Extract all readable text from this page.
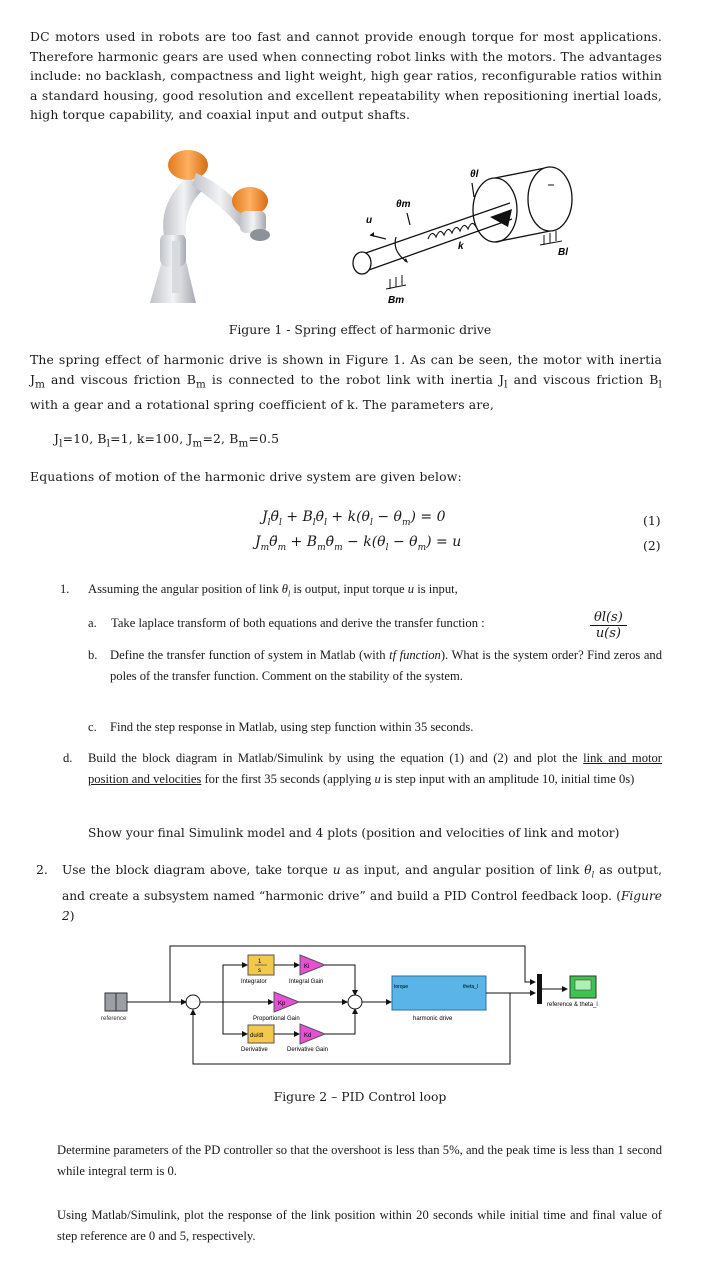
DC motors used in robots are too fast and cannot provide enough torque for most applications. Therefore harmonic gears are used when connecting robot links with the motors. The advantages include: no backlash, compactness and light weight, high gear ratios, reconfigurable ratios within a standard housing, good resolution and excellent repeatability when repositioning inertial loads, high torque capability, and coaxial input and output shafts.
θl
θm
u
k
Bl
Bm
Figure 1 - Spring effect of harmonic drive
The spring effect of harmonic drive is shown in Figure 1. As can be seen, the motor with inertia $J_m$ and viscous friction $B_m$ is connected to the robot link with inertia $J_l$ and viscous friction $B_l$ with a gear and a rotational spring coefficient of k. The parameters are,
$J_l=10$, $B_l=1$, k=100, $J_m=2$, $B_m=0.5$
Equations of motion of the harmonic drive system are given below:
$J_l\thetä_l$ + $B_l\thetȧ_l + k(\theta_l - \theta_m) = 0$	(1)
$J_m\thetä_m$ + $B_m\thetȧ_m - k(\theta_l - \theta_m) = u$	(2)
1. Assuming the angular position of link $\theta_l$ is output, input torque u is input,
a. Take laplace transform of both equations and derive the transfer function :	$\frac{\theta l(s)}{u(s)}$
b. Define the transfer function of system in Matlab (with tf function). What is the system order? Find zeros and poles of the transfer function. Comment on the stability of the system.
c. Find the step response in Matlab, using step function within 35 seconds.
d. Build the block diagram in Matlab/Simulink by using the equation (1) and (2) and plot the link and motor position and velocities for the first 35 seconds (applying u is step input with an amplitude 10, initial time 0s)
Show your final Simulink model and 4 plots (position and velocities of link and motor)
2. Use the block diagram above, take torque u as input, and angular position of link $\theta_l$ as output, and create a subsystem named “harmonic drive” and build a PID Control feedback loop. (Figure 2)
reference
1
s
Integrator
Ki
Integral Gain
Kp
Proportional Gain
du/dt
Derivative
Kd
Derivative Gain
torque	theta_l
harmonic drive
reference & theta_l
Figure 2 – PID Control loop
Determine parameters of the PD controller so that the overshoot is less than 5%, and the peak time is less than 1 second while integral term is 0.
Using Matlab/Simulink, plot the response of the link position within 20 seconds while initial time and final value of step reference are 0 and 5, respectively.
